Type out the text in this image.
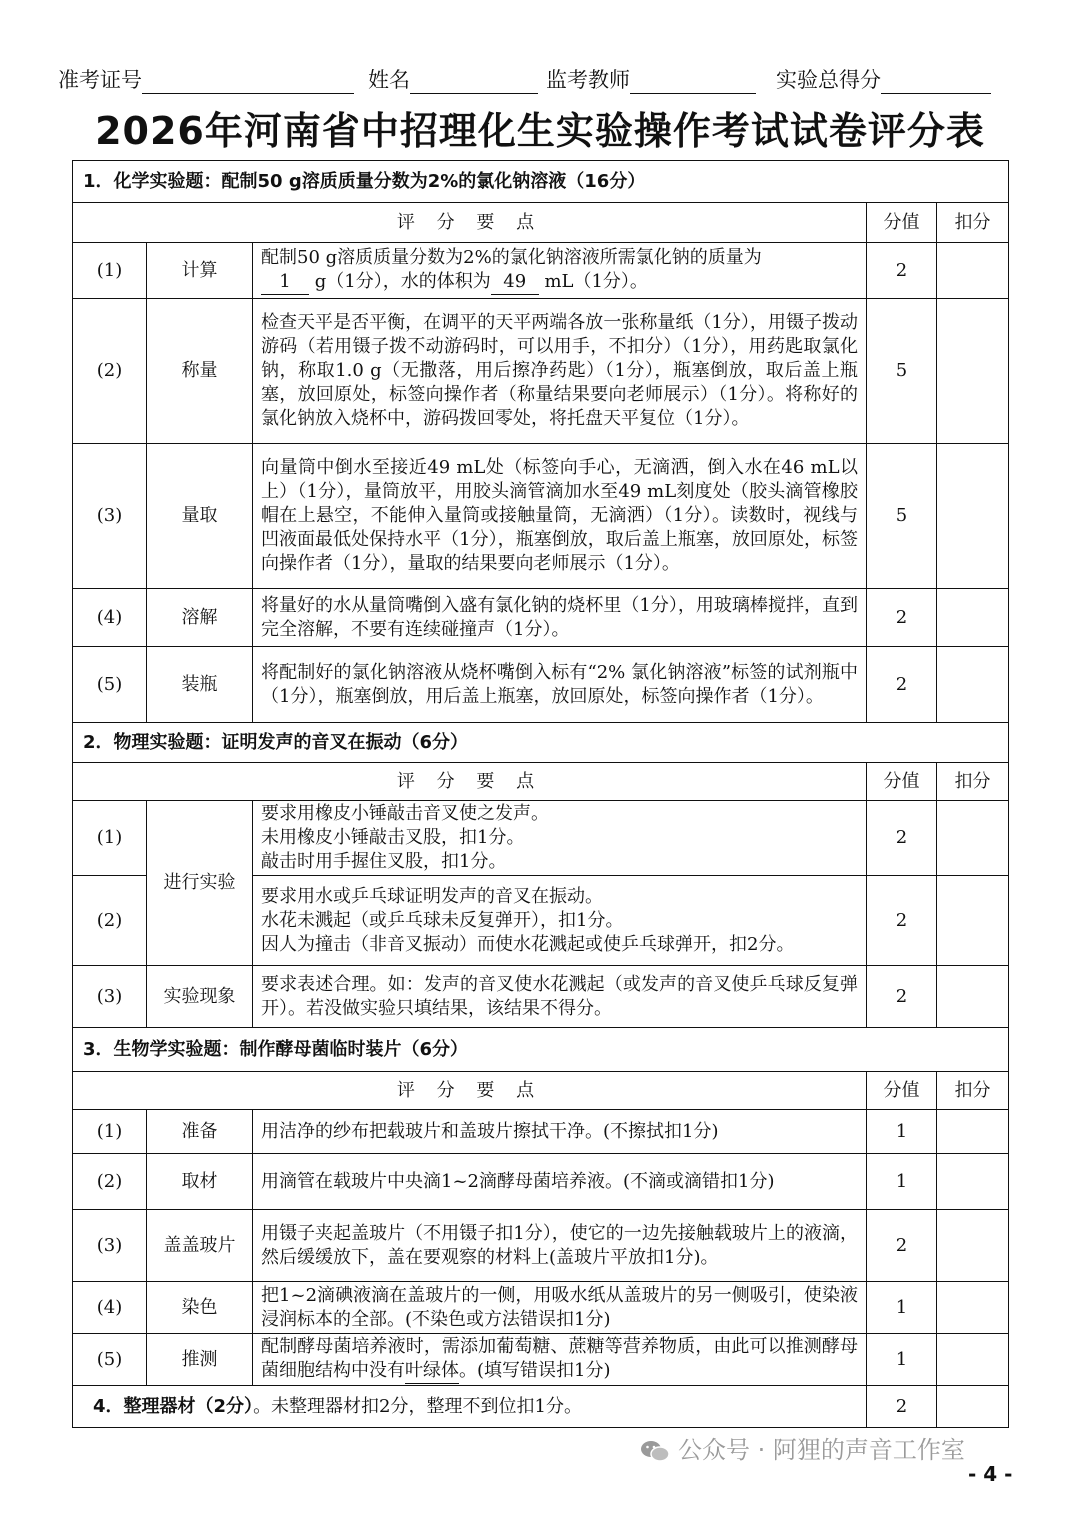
准考证号	姓名	监考教师	实验总得分
2026年河南省中招理化生实验操作考试试卷评分表
1．化学实验题：配制50 g溶质质量分数为2%的氯化钠溶液（16分）				
评 分 要 点			分值	扣分
(1)	计算	配制50 g溶质质量分数为2%的氯化钠溶液所需氯化钠的质量为
1 g（1分），水的体积为 49 mL（1分）。	2	
(2)	称量	检查天平是否平衡，在调平的天平两端各放一张称量纸（1分），用镊子拨动游码（若用镊子拨不动游码时，可以用手，不扣分）（1分），用药匙取氯化钠，称取1.0 g（无撒落，用后擦净药匙）（1分），瓶塞倒放，取后盖上瓶塞，放回原处，标签向操作者（称量结果要向老师展示）（1分）。将称好的氯化钠放入烧杯中，游码拨回零处，将托盘天平复位（1分）。	5	
(3)	量取	向量筒中倒水至接近49 mL处（标签向手心，无滴洒，倒入水在46 mL以上）（1分），量筒放平，用胶头滴管滴加水至49 mL刻度处（胶头滴管橡胶帽在上悬空，不能伸入量筒或接触量筒，无滴洒）（1分）。读数时，视线与凹液面最低处保持水平（1分），瓶塞倒放，取后盖上瓶塞，放回原处，标签向操作者（1分），量取的结果要向老师展示（1分）。	5	
(4)	溶解	将量好的水从量筒嘴倒入盛有氯化钠的烧杯里（1分），用玻璃棒搅拌，直到完全溶解，不要有连续碰撞声（1分）。	2	
(5)	装瓶	将配制好的氯化钠溶液从烧杯嘴倒入标有“2% 氯化钠溶液”标签的试剂瓶中（1分），瓶塞倒放，用后盖上瓶塞，放回原处，标签向操作者（1分）。	2	
2．物理实验题：证明发声的音叉在振动（6分）				
评 分 要 点			分值	扣分
(1)	进行实验	要求用橡皮小锤敲击音叉使之发声。
未用橡皮小锤敲击叉股，扣1分。
敲击时用手握住叉股，扣1分。	2	
(2)		要求用水或乒乓球证明发声的音叉在振动。
水花未溅起（或乒乓球未反复弹开），扣1分。
因人为撞击（非音叉振动）而使水花溅起或使乒乓球弹开，扣2分。	2	
(3)	实验现象	要求表述合理。如：发声的音叉使水花溅起（或发声的音叉使乒乓球反复弹开）。若没做实验只填结果，该结果不得分。	2	
3．生物学实验题：制作酵母菌临时装片（6分）				
评 分 要 点			分值	扣分
(1)	准备	用洁净的纱布把载玻片和盖玻片擦拭干净。(不擦拭扣1分)	1	
(2)	取材	用滴管在载玻片中央滴1~2滴酵母菌培养液。(不滴或滴错扣1分)	1	
(3)	盖盖玻片	用镊子夹起盖玻片（不用镊子扣1分），使它的一边先接触载玻片上的液滴，然后缓缓放下，盖在要观察的材料上(盖玻片平放扣1分)。	2	
(4)	染色	把1~2滴碘液滴在盖玻片的一侧，用吸水纸从盖玻片的另一侧吸引，使染液浸润标本的全部。(不染色或方法错误扣1分)	1	
(5)	推测	配制酵母菌培养液时，需添加葡萄糖、蔗糖等营养物质，由此可以推测酵母菌细胞结构中没有叶绿体。(填写错误扣1分)	1	
4．整理器材（2分）。未整理器材扣2分，整理不到位扣1分。			2	
公众号 · 阿狸的声音工作室
- 4 -
